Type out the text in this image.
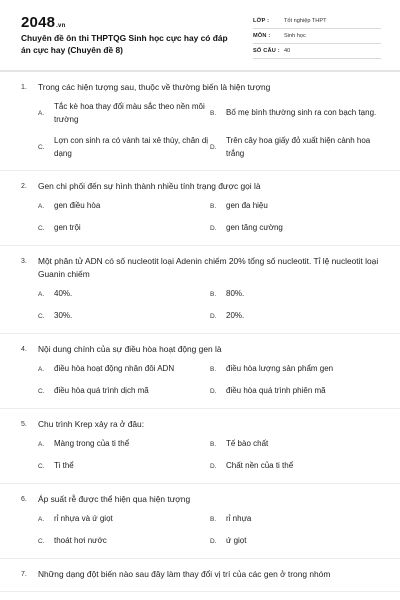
2048.vn
Chuyên đề ôn thi THPTQG Sinh học cực hay có đáp án cực hay (Chuyên đề 8)
LỚP :	Tốt nghiệp THPT
MÔN : Sinh học
SỐ CÂU : 40
1. Trong các hiện tượng sau, thuộc về thường biến là hiện tượng
A.
Tắc kè hoa thay đổi màu sắc theo nền môi trường
B. Bố mẹ bình thường sinh ra con bạch tạng.
C.
Lợn con sinh ra có vành tai xẻ thùy, chân dị dạng
D.
Trên cây hoa giấy đỏ xuất hiện cành hoa trắng
2. Gen chi phối đến sự hình thành nhiều tính trạng được gọi là
A. gen điều hòa	B. gen đa hiệu
C. gen trội	D. gen tăng cường
3. Một phân tử ADN có số nucleotit loại Adenin chiếm 20% tổng số nucleotit. Tỉ lệ nucleotit loại Guanin chiếm
A. 40%.	B. 80%.
C. 30%.	D. 20%.
4. Nội dung chính của sự điều hòa hoạt động gen là
A. điều hòa hoạt động nhân đôi ADN	B. điều hòa lượng sản phẩm gen
C. điều hòa quá trình dịch mã	D. điều hòa quá trình phiên mã
5. Chu trình Krep xảy ra ở đâu:
A. Màng trong của ti thể	B. Tế bào chất
C. Ti thể	D. Chất nền của ti thể
6. Áp suất rễ được thể hiện qua hiện tượng
A. rỉ nhựa và ứ giọt	B. rỉ nhựa
C. thoát hơi nước	D. ứ giọt
7. Những dạng đột biến nào sau đây làm thay đổi vị trí của các gen ở trong nhóm
